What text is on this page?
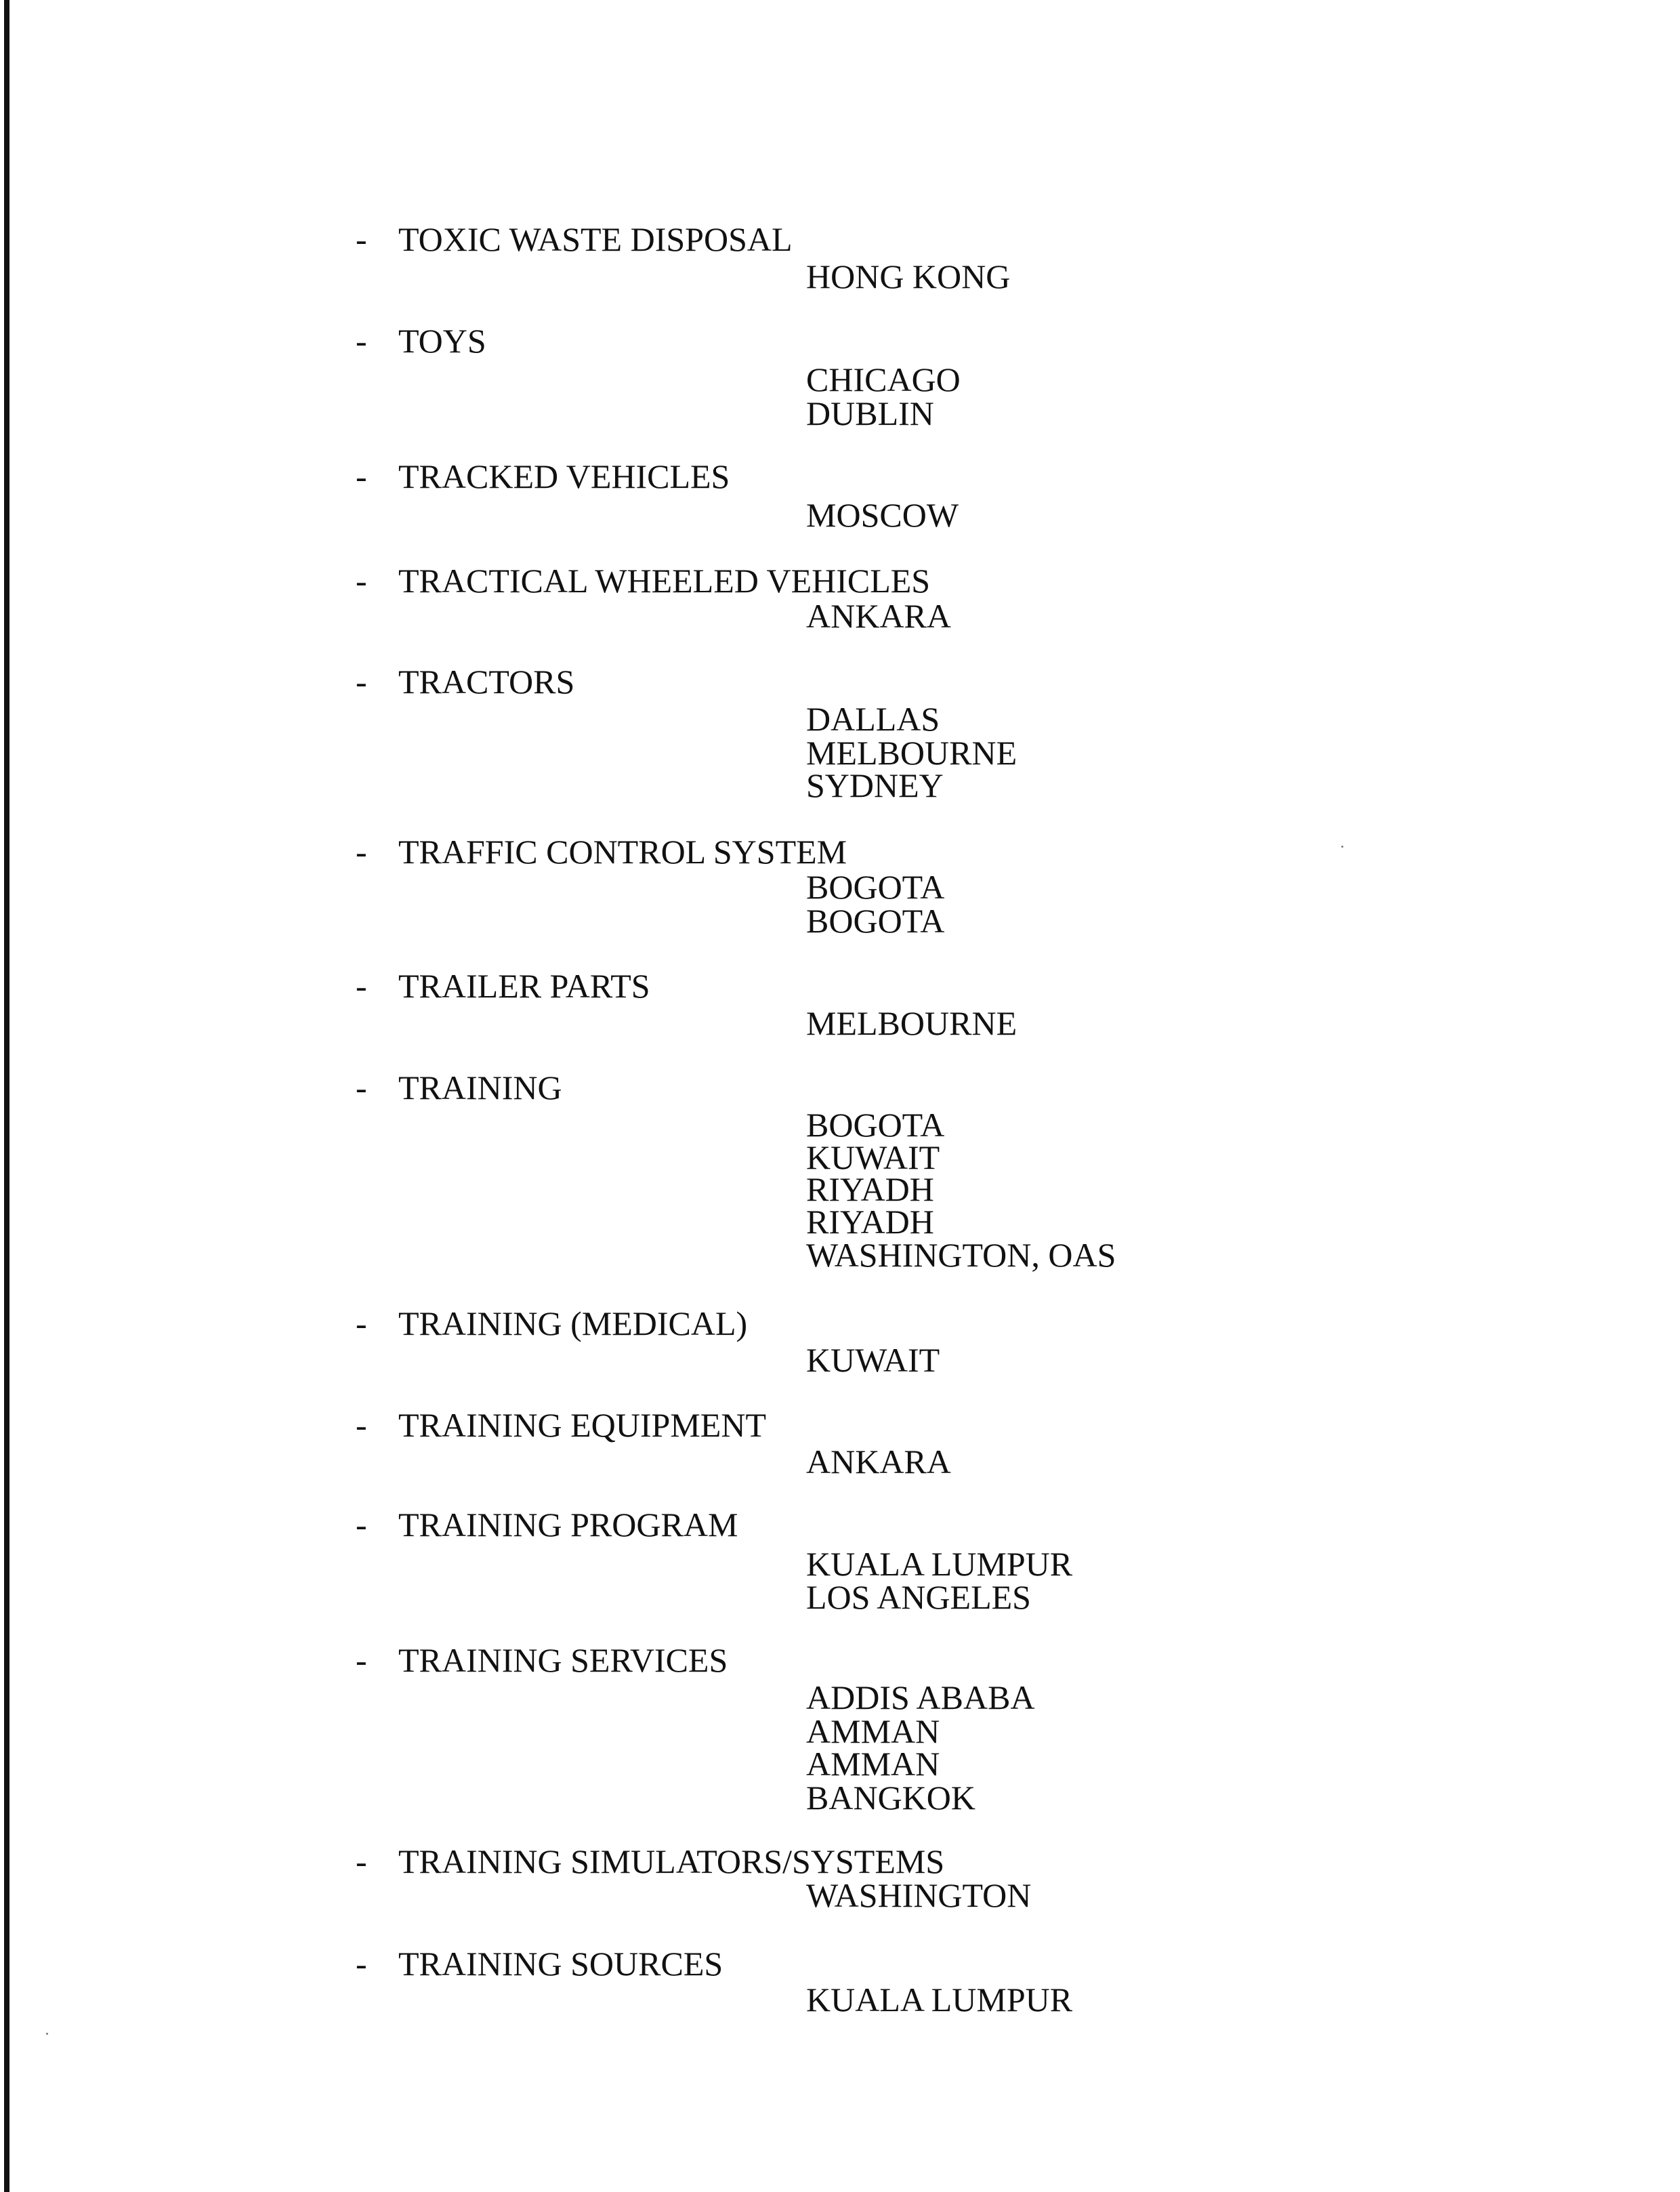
- TOXIC WASTE DISPOSAL
HONG KONG
- TOYS
CHICAGO
DUBLIN
- TRACKED VEHICLES
MOSCOW
- TRACTICAL WHEELED VEHICLES
ANKARA
- TRACTORS
DALLAS
MELBOURNE
SYDNEY
- TRAFFIC CONTROL SYSTEM
BOGOTA
BOGOTA
- TRAILER PARTS
MELBOURNE
- TRAINING
BOGOTA
KUWAIT
RIYADH
RIYADH
WASHINGTON, OAS
- TRAINING (MEDICAL)
KUWAIT
- TRAINING EQUIPMENT
ANKARA
- TRAINING PROGRAM
KUALA LUMPUR
LOS ANGELES
- TRAINING SERVICES
ADDIS ABABA
AMMAN
AMMAN
BANGKOK
- TRAINING SIMULATORS/SYSTEMS
WASHINGTON
- TRAINING SOURCES
KUALA LUMPUR
